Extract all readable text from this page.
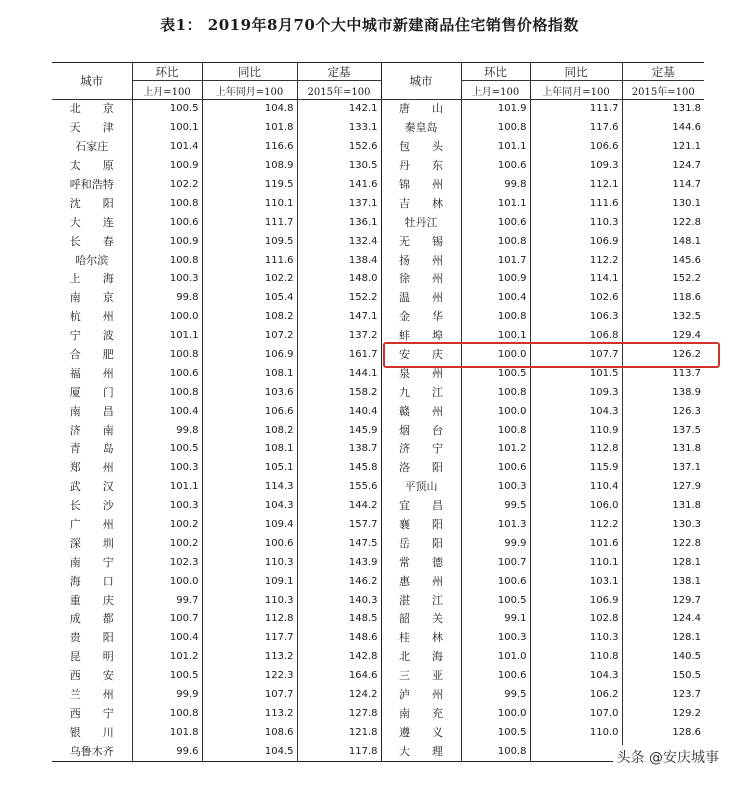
表1： 2019年8月70个大中城市新建商品住宅销售价格指数
城市	环比	同比	定基	城市	环比	同比	定基
	上月=100	上年同月=100	2015年=100		上月=100	上年同月=100	2015年=100
北　　京	100.5	104.8	142.1	唐　　山	101.9	111.7	131.8
天　　津	100.1	101.8	133.1	秦皇岛	100.8	117.6	144.6
石家庄	101.4	116.6	152.6	包　　头	101.1	106.6	121.1
太　　原	100.9	108.9	130.5	丹　　东	100.6	109.3	124.7
呼和浩特	102.2	119.5	141.6	锦　　州	99.8	112.1	114.7
沈　　阳	100.8	110.1	137.1	吉　　林	101.1	111.6	130.1
大　　连	100.6	111.7	136.1	牡丹江	100.6	110.3	122.8
长　　春	100.9	109.5	132.4	无　　锡	100.8	106.9	148.1
哈尔滨	100.8	111.6	138.4	扬　　州	101.7	112.2	145.6
上　　海	100.3	102.2	148.0	徐　　州	100.9	114.1	152.2
南　　京	99.8	105.4	152.2	温　　州	100.4	102.6	118.6
杭　　州	100.0	108.2	147.1	金　　华	100.8	106.3	132.5
宁　　波	101.1	107.2	137.2	蚌　　埠	100.1	106.8	129.4
合　　肥	100.8	106.9	161.7	安　　庆	100.0	107.7	126.2
福　　州	100.6	108.1	144.1	泉　　州	100.5	101.5	113.7
厦　　门	100.8	103.6	158.2	九　　江	100.8	109.3	138.9
南　　昌	100.4	106.6	140.4	赣　　州	100.0	104.3	126.3
济　　南	99.8	108.2	145.9	烟　　台	100.8	110.9	137.5
青　　岛	100.5	108.1	138.7	济　　宁	101.2	112.8	131.8
郑　　州	100.3	105.1	145.8	洛　　阳	100.6	115.9	137.1
武　　汉	101.1	114.3	155.6	平顶山	100.3	110.4	127.9
长　　沙	100.3	104.3	144.2	宜　　昌	99.5	106.0	131.8
广　　州	100.2	109.4	157.7	襄　　阳	101.3	112.2	130.3
深　　圳	100.2	100.6	147.5	岳　　阳	99.9	101.6	122.8
南　　宁	102.3	110.3	143.9	常　　德	100.7	110.1	128.1
海　　口	100.0	109.1	146.2	惠　　州	100.6	103.1	138.1
重　　庆	99.7	110.3	140.3	湛　　江	100.5	106.9	129.7
成　　都	100.7	112.8	148.5	韶　　关	99.1	102.8	124.4
贵　　阳	100.4	117.7	148.6	桂　　林	100.3	110.3	128.1
昆　　明	101.2	113.2	142.8	北　　海	101.0	110.8	140.5
西　　安	100.5	122.3	164.6	三　　亚	100.6	104.3	150.5
兰　　州	99.9	107.7	124.2	泸　　州	99.5	106.2	123.7
西　　宁	100.8	113.2	127.8	南　　充	100.0	107.0	129.2
银　　川	101.8	108.6	121.8	遵　　义	100.5	110.0	128.6
乌鲁木齐	99.6	104.5	117.8	大　　理	100.8			头条 @安庆城事
